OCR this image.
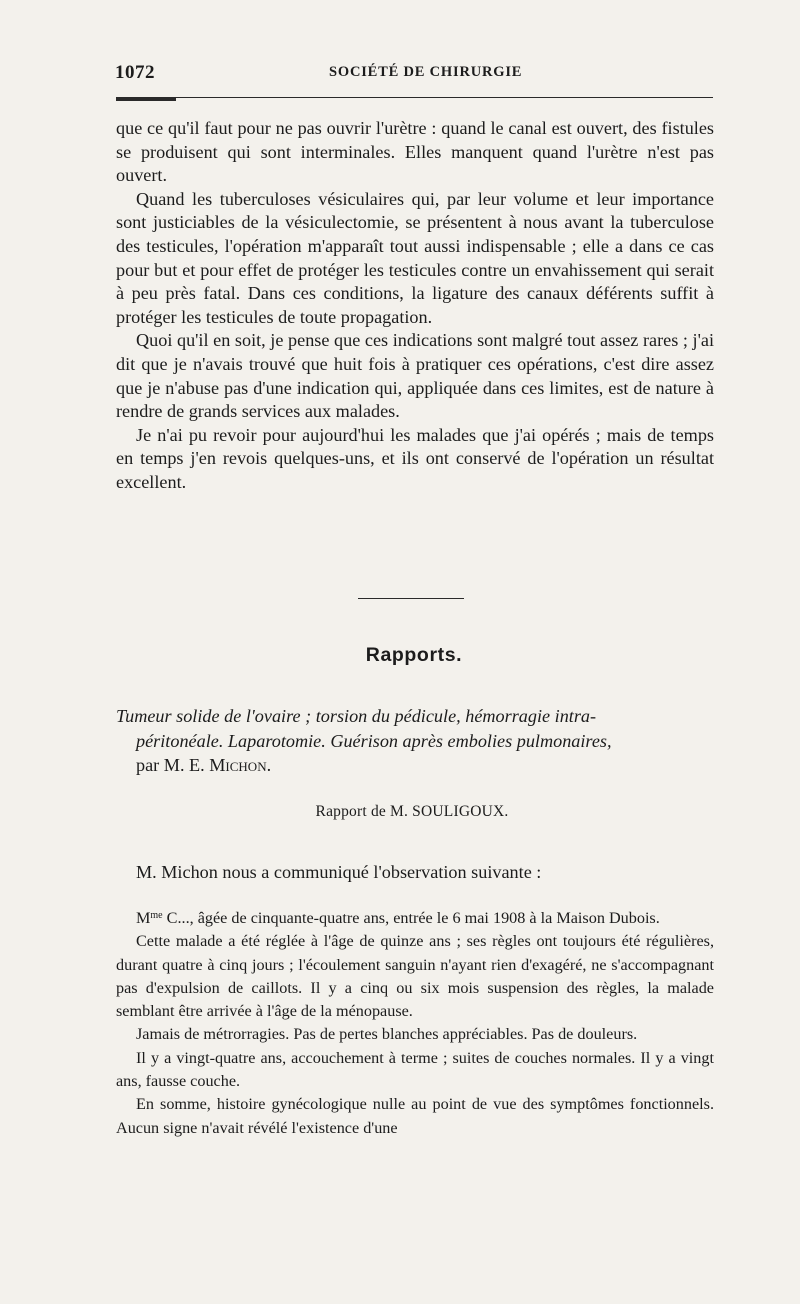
1072	SOCIÉTÉ DE CHIRURGIE

que ce qu'il faut pour ne pas ouvrir l'urètre : quand le canal est ouvert, des fistules se produisent qui sont interminales. Elles manquent quand l'urètre n'est pas ouvert.

Quand les tuberculoses vésiculaires qui, par leur volume et leur importance sont justiciables de la vésiculectomie, se présentent à nous avant la tuberculose des testicules, l'opération m'apparaît tout aussi indispensable ; elle a dans ce cas pour but et pour effet de protéger les testicules contre un envahissement qui serait à peu près fatal. Dans ces conditions, la ligature des canaux déférents suffit à protéger les testicules de toute propagation.

Quoi qu'il en soit, je pense que ces indications sont malgré tout assez rares ; j'ai dit que je n'avais trouvé que huit fois à pratiquer ces opérations, c'est dire assez que je n'abuse pas d'une indication qui, appliquée dans ces limites, est de nature à rendre de grands services aux malades.

Je n'ai pu revoir pour aujourd'hui les malades que j'ai opérés ; mais de temps en temps j'en revois quelques-uns, et ils ont conservé de l'opération un résultat excellent.

Rapports.
Tumeur solide de l'ovaire ; torsion du pédicule, hémorragie intra-
péritonéale. Laparotomie. Guérison après embolies pulmonaires,
par M. E. Michon.
Rapport de M. SOULIGOUX.
M. Michon nous a communiqué l'observation suivante :

$M^{me}$ C..., âgée de cinquante-quatre ans, entrée le 6 mai 1908 à la Maison Dubois.

Cette malade a été réglée à l'âge de quinze ans ; ses règles ont toujours été régulières, durant quatre à cinq jours ; l'écoulement sanguin n'ayant rien d'exagéré, ne s'accompagnant pas d'expulsion de caillots. Il y a cinq ou six mois suspension des règles, la malade semblant être arrivée à l'âge de la ménopause.

Jamais de métrorragies. Pas de pertes blanches appréciables. Pas de douleurs.

Il y a vingt-quatre ans, accouchement à terme ; suites de couches normales. Il y a vingt ans, fausse couche.

En somme, histoire gynécologique nulle au point de vue des symptômes fonctionnels. Aucun signe n'avait révélé l'existence d'une
